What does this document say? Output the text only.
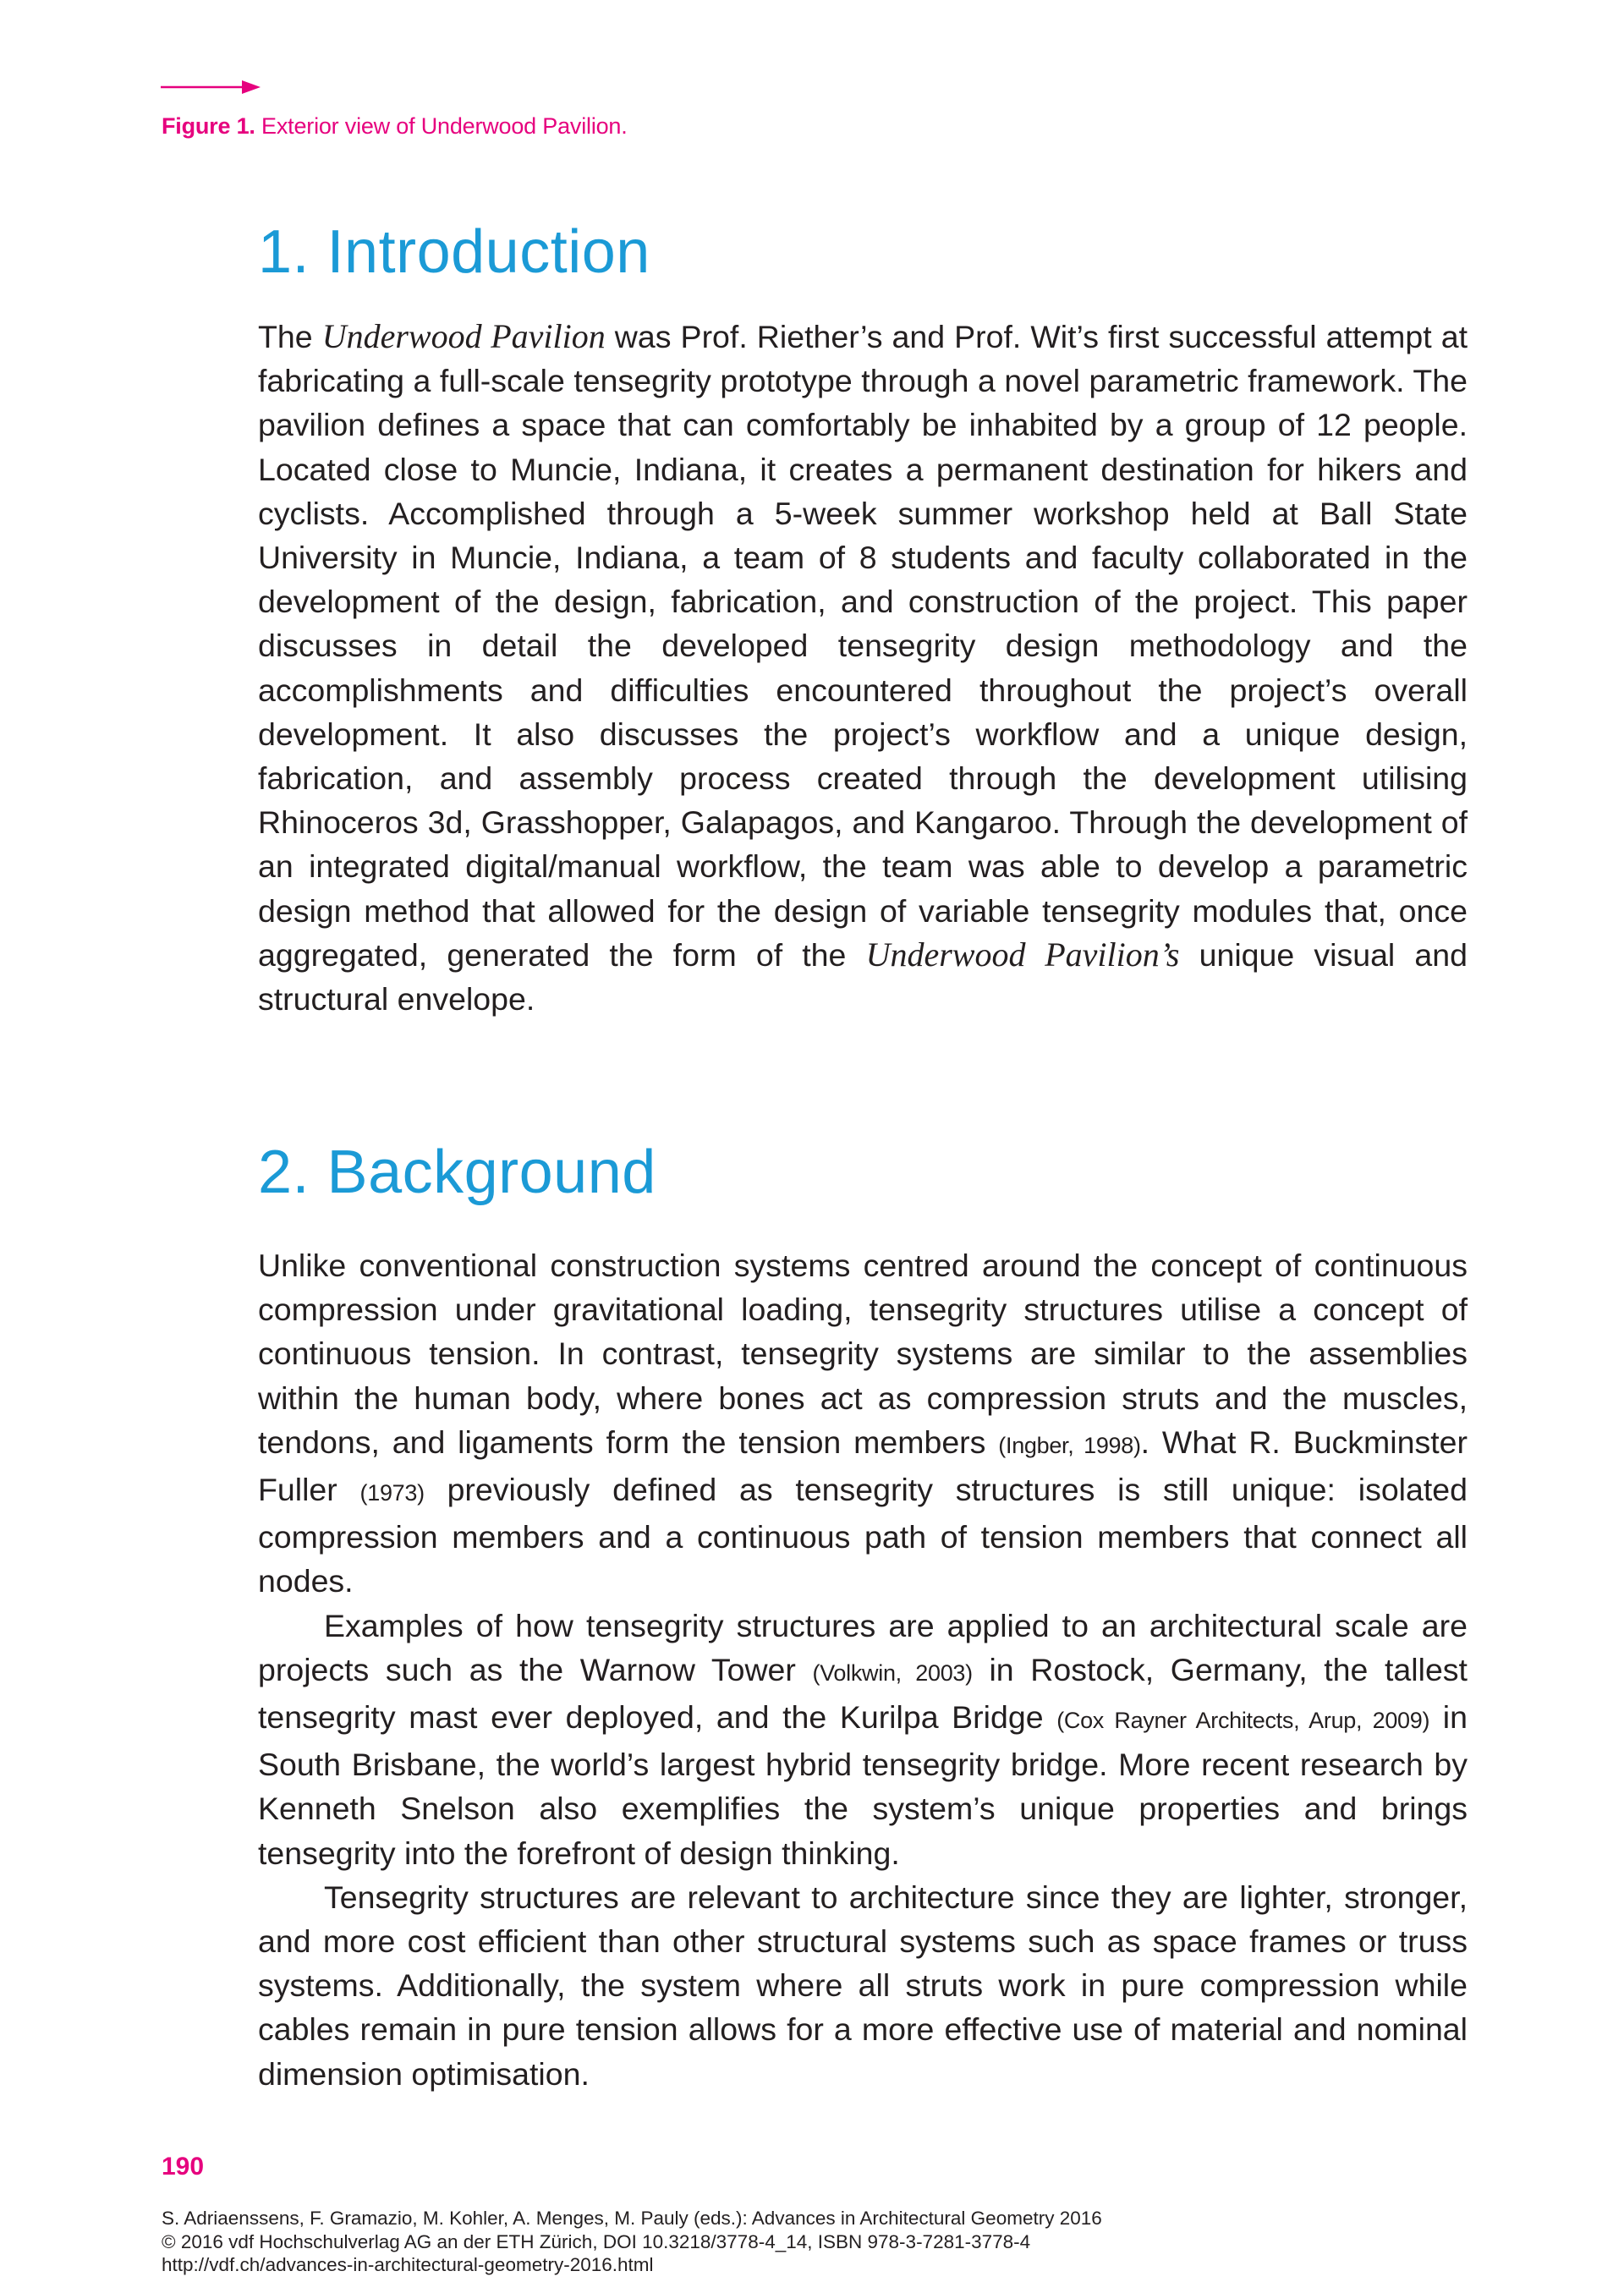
Figure 1. Exterior view of Underwood Pavilion.
1. Introduction

The Underwood Pavilion was Prof. Riether’s and Prof. Wit’s first successful attempt at fabricating a full-scale tensegrity prototype through a novel parametric framework. The pavilion defines a space that can comfortably be inhabited by a group of 12 people. Located close to Muncie, Indiana, it creates a permanent destination for hikers and cyclists. Accomplished through a 5-week summer workshop held at Ball State University in Muncie, Indiana, a team of 8 students and faculty collaborated in the development of the design, fabrication, and construction of the project. This paper discusses in detail the developed tensegrity design methodology and the accomplishments and difficulties encountered throughout the project’s overall development. It also discusses the project’s workflow and a unique design, fabrication, and assembly process created through the development utilising Rhinoceros 3d, Grasshopper, Galapagos, and Kangaroo. Through the development of an integrated digital/manual workflow, the team was able to develop a parametric design method that allowed for the design of variable tensegrity modules that, once aggregated, generated the form of the Underwood Pavilion’s unique visual and structural envelope.

2. Background

Unlike conventional construction systems centred around the concept of continuous compression under gravitational loading, tensegrity structures utilise a concept of continuous tension. In contrast, tensegrity systems are similar to the assemblies within the human body, where bones act as compression struts and the muscles, tendons, and ligaments form the tension members (Ingber, 1998). What R. Buckminster Fuller (1973) previously defined as tensegrity structures is still unique: isolated compression members and a continuous path of tension members that connect all nodes.

Examples of how tensegrity structures are applied to an architectural scale are projects such as the Warnow Tower (Volkwin, 2003) in Rostock, Germany, the tallest tensegrity mast ever deployed, and the Kurilpa Bridge (Cox Rayner Architects, Arup, 2009) in South Brisbane, the world’s largest hybrid tensegrity bridge. More recent research by Kenneth Snelson also exemplifies the system’s unique properties and brings tensegrity into the forefront of design thinking.

Tensegrity structures are relevant to architecture since they are lighter, stronger, and more cost efficient than other structural systems such as space frames or truss systems. Additionally, the system where all struts work in pure compression while cables remain in pure tension allows for a more effective use of material and nominal dimension optimisation.

190
S. Adriaenssens, F. Gramazio, M. Kohler, A. Menges, M. Pauly (eds.): Advances in Architectural Geometry 2016
© 2016 vdf Hochschulverlag AG an der ETH Zürich, DOI 10.3218/3778-4_14, ISBN 978-3-7281-3778-4
http://vdf.ch/advances-in-architectural-geometry-2016.html
